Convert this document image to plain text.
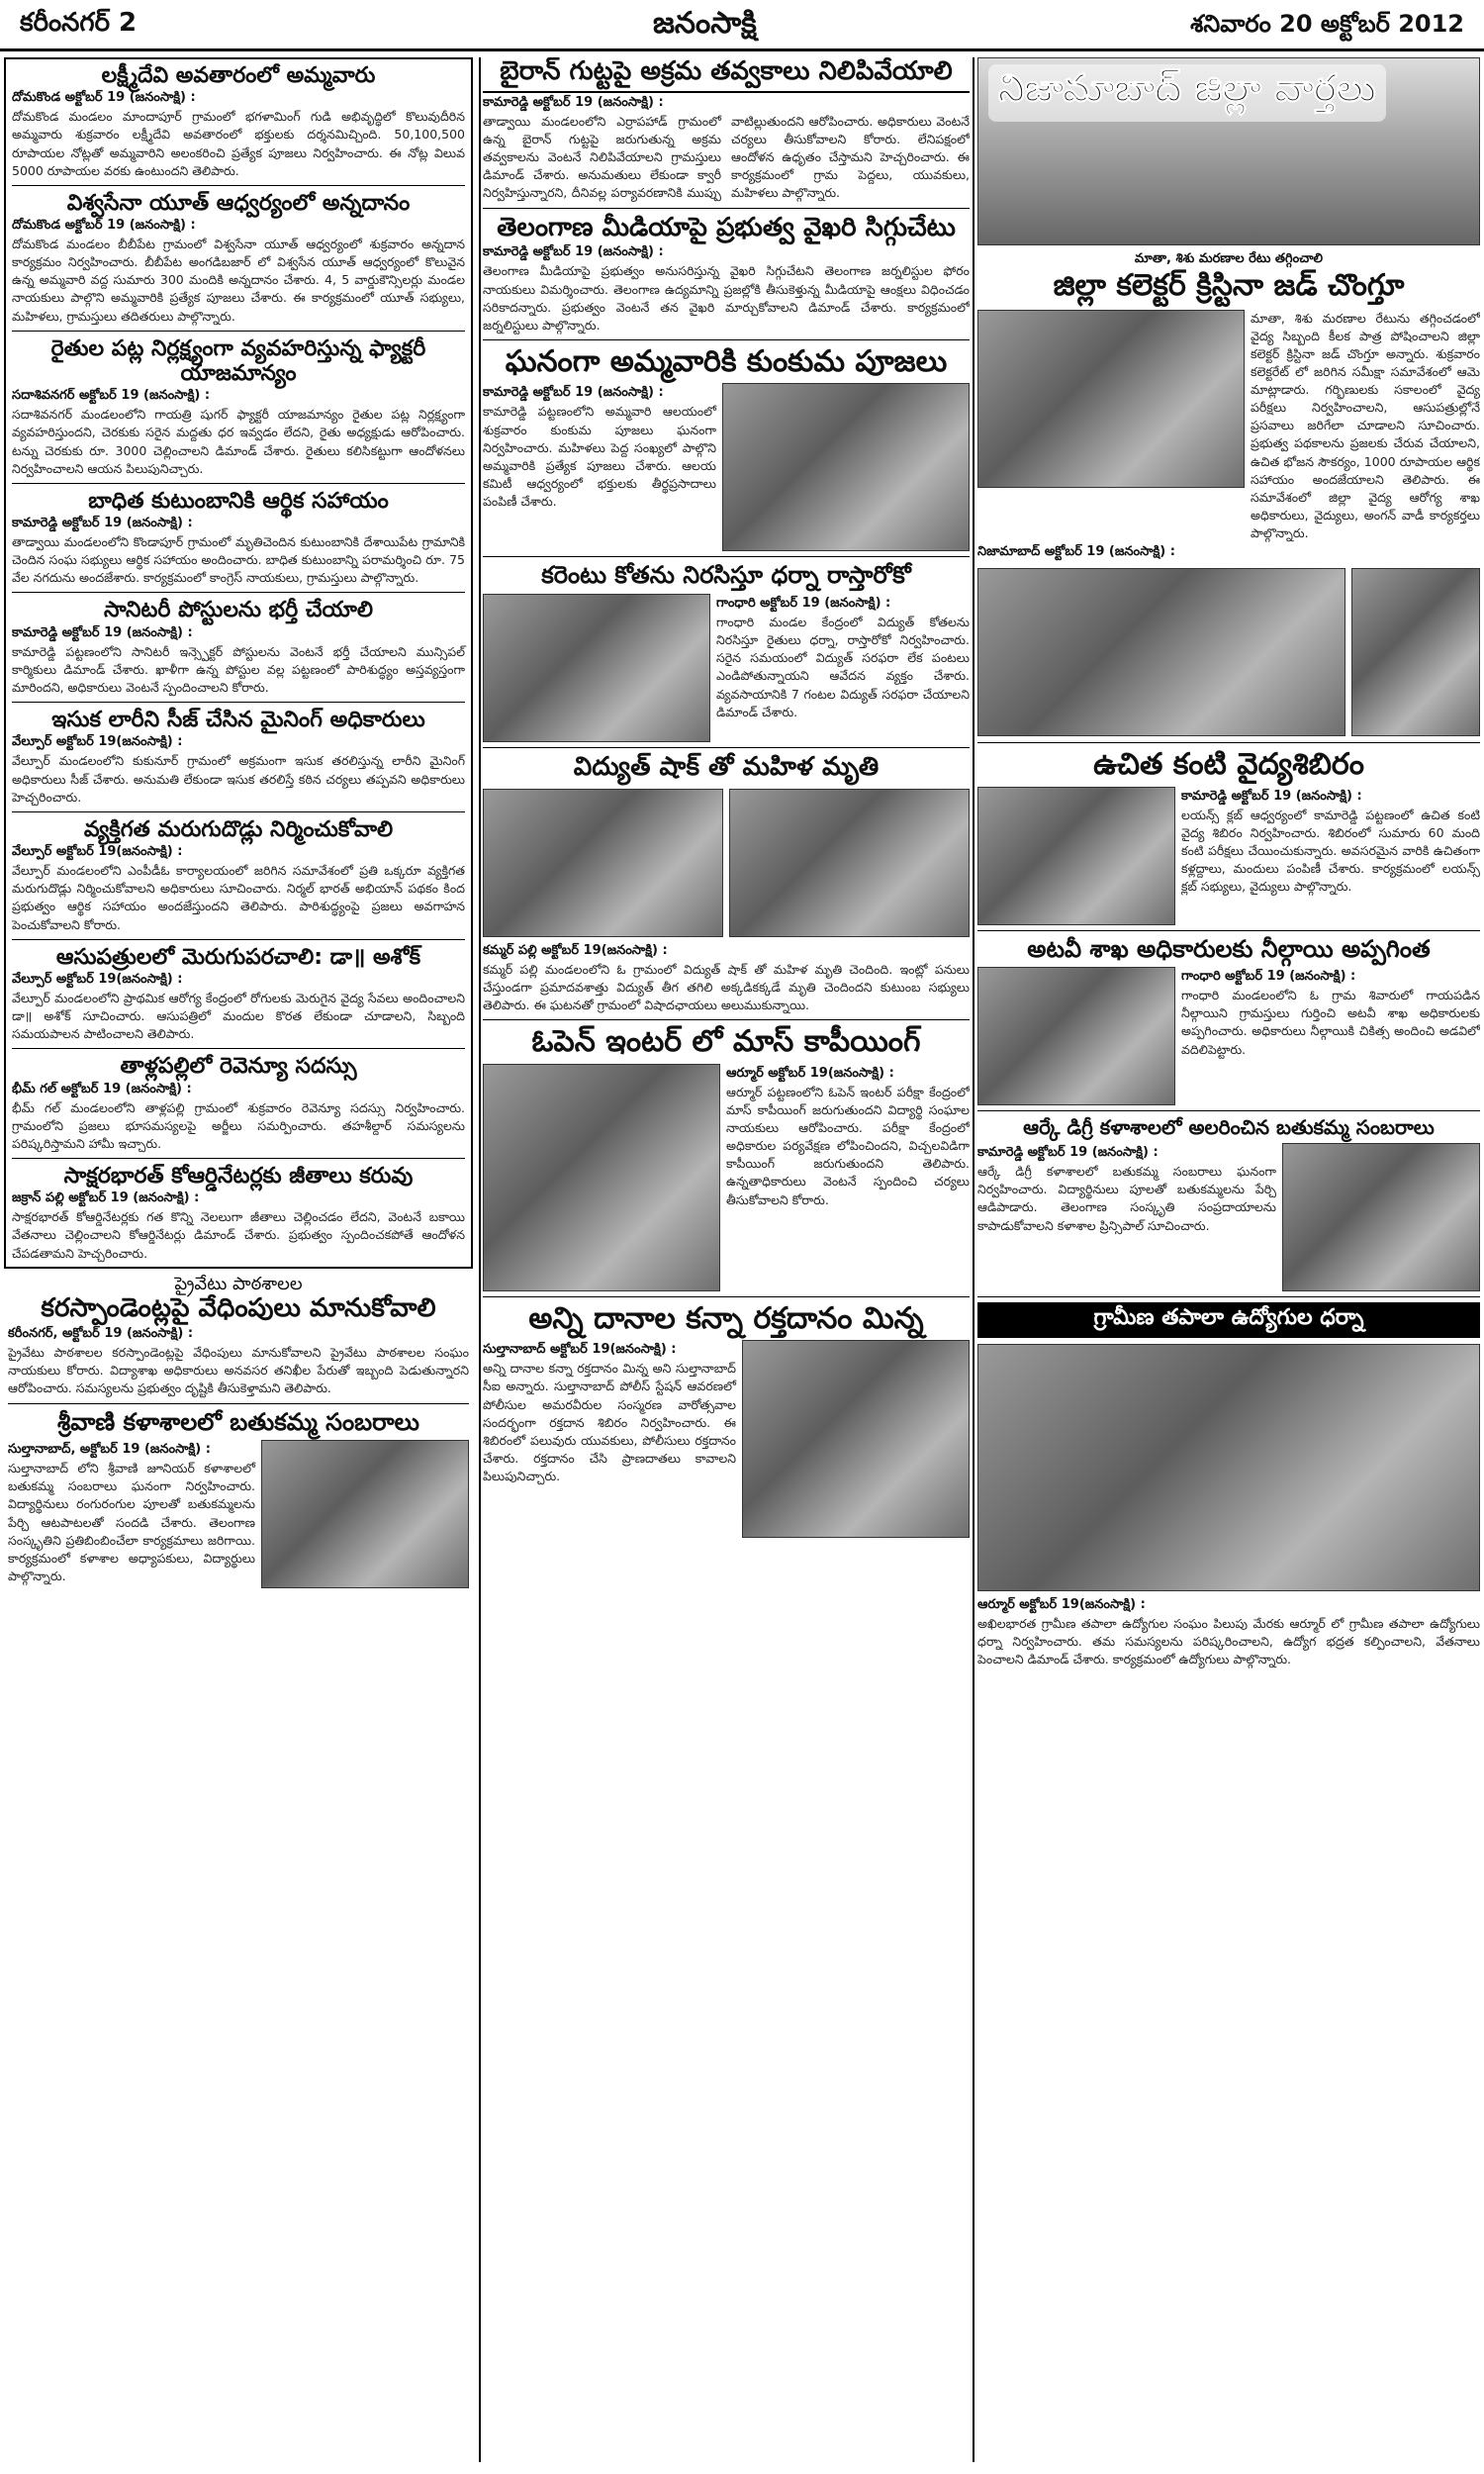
కరీంనగర్ 2	జనంసాక్షి	శనివారం 20 అక్టోబర్ 2012
లక్ష్మీదేవి అవతారంలో అమ్మవారు
దోమకొండ అక్టోబర్ 19 (జనంసాక్షి) :
దోమకొండ మండలం మాందాపూర్ గ్రామంలో భగళామింగ్ గుడి అభివృద్ధిలో కొలువుదీరిన అమ్మవారు శుక్రవారం లక్ష్మీదేవి అవతారంలో భక్తులకు దర్శనమిచ్చింది. 50,100,500 రూపాయల నోట్లతో అమ్మవారిని అలంకరించి ప్రత్యేక పూజలు నిర్వహించారు. ఈ నోట్ల విలువ 5000 రూపాయల వరకు ఉంటుందని తెలిపారు.
విశ్వసేనా యూత్ ఆధ్వర్యంలో అన్నదానం
దోమకొండ అక్టోబర్ 19 (జనంసాక్షి) :
దోమకొండ మండలం బీబీపేట గ్రామంలో విశ్వసేనా యూత్ ఆధ్వర్యంలో శుక్రవారం అన్నదాన కార్యక్రమం నిర్వహించారు. బీబీపేట అంగడిబజార్ లో విశ్వసేన యూత్ ఆధ్వర్యంలో కొలువైన ఉన్న అమ్మవారి వద్ద సుమారు 300 మందికి అన్నదానం చేశారు. 4, 5 వార్డుకౌన్సిలర్లు మండల నాయకులు పాల్గొని అమ్మవారికి ప్రత్యేక పూజలు చేశారు. ఈ కార్యక్రమంలో యూత్ సభ్యులు, మహిళలు, గ్రామస్తులు తదితరులు పాల్గొన్నారు.
రైతుల పట్ల నిర్లక్ష్యంగా వ్యవహరిస్తున్న ఫ్యాక్టరీ యాజమాన్యం
సదాశివనగర్ అక్టోబర్ 19 (జనంసాక్షి) :
సదాశివనగర్ మండలంలోని గాయత్రి షుగర్ ఫ్యాక్టరీ యాజమాన్యం రైతుల పట్ల నిర్లక్ష్యంగా వ్యవహరిస్తుందని, చెరకుకు సరైన మద్దతు ధర ఇవ్వడం లేదని, రైతు అధ్యక్షుడు ఆరోపించారు. టన్ను చెరకుకు రూ. 3000 చెల్లించాలని డిమాండ్ చేశారు. రైతులు కలిసికట్టుగా ఆందోళనలు నిర్వహించాలని ఆయన పిలుపునిచ్చారు.
బాధిత కుటుంబానికి ఆర్థిక సహాయం
కామారెడ్డి అక్టోబర్ 19 (జనంసాక్షి) :
తాడ్వాయి మండలంలోని కొండాపూర్ గ్రామంలో మృతిచెందిన కుటుంబానికి దేశాయిపేట గ్రామానికి చెందిన సంఘ సభ్యులు ఆర్థిక సహాయం అందించారు. బాధిత కుటుంబాన్ని పరామర్శించి రూ. 75 వేల నగదును అందజేశారు. కార్యక్రమంలో కాంగ్రెస్ నాయకులు, గ్రామస్తులు పాల్గొన్నారు.
సానిటరీ పోస్టులను భర్తీ చేయాలి
కామారెడ్డి అక్టోబర్ 19 (జనంసాక్షి) :
కామారెడ్డి పట్టణంలోని సానిటరీ ఇన్స్పెక్టర్ పోస్టులను వెంటనే భర్తీ చేయాలని మున్సిపల్ కార్మికులు డిమాండ్ చేశారు. ఖాళీగా ఉన్న పోస్టుల వల్ల పట్టణంలో పారిశుద్ధ్యం అస్తవ్యస్తంగా మారిందని, అధికారులు వెంటనే స్పందించాలని కోరారు.
ఇసుక లారీని సీజ్ చేసిన మైనింగ్ అధికారులు
వేల్పూర్ అక్టోబర్ 19(జనంసాక్షి) :
వేల్పూర్ మండలంలోని కుకునూర్ గ్రామంలో అక్రమంగా ఇసుక తరలిస్తున్న లారీని మైనింగ్ అధికారులు సీజ్ చేశారు. అనుమతి లేకుండా ఇసుక తరలిస్తే కఠిన చర్యలు తప్పవని అధికారులు హెచ్చరించారు.
వ్యక్తిగత మరుగుదొడ్లు నిర్మించుకోవాలి
వేల్పూర్ అక్టోబర్ 19(జనంసాక్షి) :
వేల్పూర్ మండలంలోని ఎంపీడీఓ కార్యాలయంలో జరిగిన సమావేశంలో ప్రతి ఒక్కరూ వ్యక్తిగత మరుగుదొడ్లు నిర్మించుకోవాలని అధికారులు సూచించారు. నిర్మల్ భారత్ అభియాన్ పథకం కింద ప్రభుత్వం ఆర్థిక సహాయం అందజేస్తుందని తెలిపారు. పారిశుద్ధ్యంపై ప్రజలు అవగాహన పెంచుకోవాలని కోరారు.
ఆసుపత్రులలో మెరుగుపరచాలి: డా॥ అశోక్
వేల్పూర్ అక్టోబర్ 19(జనంసాక్షి) :
వేల్పూర్ మండలంలోని ప్రాథమిక ఆరోగ్య కేంద్రంలో రోగులకు మెరుగైన వైద్య సేవలు అందించాలని డా॥ అశోక్ సూచించారు. ఆసుపత్రిలో మందుల కొరత లేకుండా చూడాలని, సిబ్బంది సమయపాలన పాటించాలని తెలిపారు.
తాళ్లపల్లిలో రెవెన్యూ సదస్సు
భీమ్ గల్ అక్టోబర్ 19 (జనంసాక్షి) :
భీమ్ గల్ మండలంలోని తాళ్లపల్లి గ్రామంలో శుక్రవారం రెవెన్యూ సదస్సు నిర్వహించారు. గ్రామంలోని ప్రజలు భూసమస్యలపై అర్జీలు సమర్పించారు. తహశీల్దార్ సమస్యలను పరిష్కరిస్తామని హామీ ఇచ్చారు.
సాక్షరభారత్ కోఆర్డినేటర్లకు జీతాలు కరువు
జక్రాన్ పల్లి అక్టోబర్ 19 (జనంసాక్షి) :
సాక్షరభారత్ కోఆర్డినేటర్లకు గత కొన్ని నెలలుగా జీతాలు చెల్లించడం లేదని, వెంటనే బకాయి వేతనాలు చెల్లించాలని కోఆర్డినేటర్లు డిమాండ్ చేశారు. ప్రభుత్వం స్పందించకపోతే ఆందోళన చేపడతామని హెచ్చరించారు.
ప్రైవేటు పాఠశాలల
కరస్పాండెంట్లపై వేధింపులు మానుకోవాలి
కరీంనగర్, అక్టోబర్ 19 (జనంసాక్షి) :
ప్రైవేటు పాఠశాలల కరస్పాండెంట్లపై వేధింపులు మానుకోవాలని ప్రైవేటు పాఠశాలల సంఘం నాయకులు కోరారు. విద్యాశాఖ అధికారులు అనవసర తనిఖీల పేరుతో ఇబ్బంది పెడుతున్నారని ఆరోపించారు. సమస్యలను ప్రభుత్వం దృష్టికి తీసుకెళ్తామని తెలిపారు.
శ్రీవాణి కళాశాలలో బతుకమ్మ సంబరాలు
సుల్తానాబాద్, అక్టోబర్ 19 (జనంసాక్షి) :
సుల్తానాబాద్ లోని శ్రీవాణి జూనియర్ కళాశాలలో బతుకమ్మ సంబరాలు ఘనంగా నిర్వహించారు. విద్యార్థినులు రంగురంగుల పూలతో బతుకమ్మలను పేర్చి ఆటపాటలతో సందడి చేశారు. తెలంగాణ సంస్కృతిని ప్రతిబింబించేలా కార్యక్రమాలు జరిగాయి. కార్యక్రమంలో కళాశాల అధ్యాపకులు, విద్యార్థులు పాల్గొన్నారు.
బైరాన్ గుట్టపై అక్రమ తవ్వకాలు నిలిపివేయాలి
కామారెడ్డి అక్టోబర్ 19 (జనంసాక్షి) :
తాడ్వాయి మండలంలోని ఎర్రాపహాడ్ గ్రామంలో ఉన్న బైరాన్ గుట్టపై జరుగుతున్న అక్రమ తవ్వకాలను వెంటనే నిలిపివేయాలని గ్రామస్తులు డిమాండ్ చేశారు. అనుమతులు లేకుండా క్వారీ నిర్వహిస్తున్నారని, దీనివల్ల పర్యావరణానికి ముప్పు వాటిల్లుతుందని ఆరోపించారు. అధికారులు వెంటనే చర్యలు తీసుకోవాలని కోరారు. లేనిపక్షంలో ఆందోళన ఉధృతం చేస్తామని హెచ్చరించారు. ఈ కార్యక్రమంలో గ్రామ పెద్దలు, యువకులు, మహిళలు పాల్గొన్నారు.
తెలంగాణ మీడియాపై ప్రభుత్వ వైఖరి సిగ్గుచేటు
కామారెడ్డి అక్టోబర్ 19 (జనంసాక్షి) :
తెలంగాణ మీడియాపై ప్రభుత్వం అనుసరిస్తున్న వైఖరి సిగ్గుచేటని తెలంగాణ జర్నలిస్టుల ఫోరం నాయకులు విమర్శించారు. తెలంగాణ ఉద్యమాన్ని ప్రజల్లోకి తీసుకెళ్తున్న మీడియాపై ఆంక్షలు విధించడం సరికాదన్నారు. ప్రభుత్వం వెంటనే తన వైఖరి మార్చుకోవాలని డిమాండ్ చేశారు. కార్యక్రమంలో జర్నలిస్టులు పాల్గొన్నారు.
ఘనంగా అమ్మవారికి కుంకుమ పూజలు
కామారెడ్డి అక్టోబర్ 19 (జనంసాక్షి) :
కామారెడ్డి పట్టణంలోని అమ్మవారి ఆలయంలో శుక్రవారం కుంకుమ పూజలు ఘనంగా నిర్వహించారు. మహిళలు పెద్ద సంఖ్యలో పాల్గొని అమ్మవారికి ప్రత్యేక పూజలు చేశారు. ఆలయ కమిటీ ఆధ్వర్యంలో భక్తులకు తీర్థప్రసాదాలు పంపిణీ చేశారు.
కరెంటు కోతను నిరసిస్తూ ధర్నా రాస్తారోకో
గాంధారి అక్టోబర్ 19 (జనంసాక్షి) :
గాంధారి మండల కేంద్రంలో విద్యుత్ కోతలను నిరసిస్తూ రైతులు ధర్నా, రాస్తారోకో నిర్వహించారు. సరైన సమయంలో విద్యుత్ సరఫరా లేక పంటలు ఎండిపోతున్నాయని ఆవేదన వ్యక్తం చేశారు. వ్యవసాయానికి 7 గంటల విద్యుత్ సరఫరా చేయాలని డిమాండ్ చేశారు.
విద్యుత్ షాక్ తో మహిళ మృతి
కమ్మర్ పల్లి అక్టోబర్ 19(జనంసాక్షి) :
కమ్మర్ పల్లి మండలంలోని ఓ గ్రామంలో విద్యుత్ షాక్ తో మహిళ మృతి చెందింది. ఇంట్లో పనులు చేస్తుండగా ప్రమాదవశాత్తు విద్యుత్ తీగ తగిలి అక్కడికక్కడే మృతి చెందిందని కుటుంబ సభ్యులు తెలిపారు. ఈ ఘటనతో గ్రామంలో విషాదఛాయలు అలుముకున్నాయి.
ఓపెన్ ఇంటర్ లో మాస్ కాపీయింగ్
ఆర్మూర్ అక్టోబర్ 19(జనంసాక్షి) :
ఆర్మూర్ పట్టణంలోని ఓపెన్ ఇంటర్ పరీక్షా కేంద్రంలో మాస్ కాపీయింగ్ జరుగుతుందని విద్యార్థి సంఘాల నాయకులు ఆరోపించారు. పరీక్షా కేంద్రంలో అధికారుల పర్యవేక్షణ లోపించిందని, విచ్చలవిడిగా కాపీయింగ్ జరుగుతుందని తెలిపారు. ఉన్నతాధికారులు వెంటనే స్పందించి చర్యలు తీసుకోవాలని కోరారు.
అన్ని దానాల కన్నా రక్తదానం మిన్న
సుల్తానాబాద్ అక్టోబర్ 19(జనంసాక్షి) :
అన్ని దానాల కన్నా రక్తదానం మిన్న అని సుల్తానాబాద్ సీఐ అన్నారు. సుల్తానాబాద్ పోలీస్ స్టేషన్ ఆవరణలో పోలీసుల అమరవీరుల సంస్మరణ వారోత్సవాల సందర్భంగా రక్తదాన శిబిరం నిర్వహించారు. ఈ శిబిరంలో పలువురు యువకులు, పోలీసులు రక్తదానం చేశారు. రక్తదానం చేసి ప్రాణదాతలు కావాలని పిలుపునిచ్చారు.
నిజామాబాద్ జిల్లా వార్తలు
మాతా, శిశు మరణాల రేటు తగ్గించాలి
జిల్లా కలెక్టర్ క్రిస్టినా జడ్ చొంగ్తూ
మాతా, శిశు మరణాల రేటును తగ్గించడంలో వైద్య సిబ్బంది కీలక పాత్ర పోషించాలని జిల్లా కలెక్టర్ క్రిస్టినా జడ్ చొంగ్తూ అన్నారు. శుక్రవారం కలెక్టరేట్ లో జరిగిన సమీక్షా సమావేశంలో ఆమె మాట్లాడారు. గర్భిణులకు సకాలంలో వైద్య పరీక్షలు నిర్వహించాలని, ఆసుపత్రుల్లోనే ప్రసవాలు జరిగేలా చూడాలని సూచించారు. ప్రభుత్వ పథకాలను ప్రజలకు చేరువ చేయాలని, ఉచిత భోజన సౌకర్యం, 1000 రూపాయల ఆర్థిక సహాయం అందజేయాలని తెలిపారు. ఈ సమావేశంలో జిల్లా వైద్య ఆరోగ్య శాఖ అధికారులు, వైద్యులు, అంగన్ వాడీ కార్యకర్తలు పాల్గొన్నారు.
నిజామాబాద్ అక్టోబర్ 19 (జనంసాక్షి) :
ఉచిత కంటి వైద్యశిబిరం
కామారెడ్డి అక్టోబర్ 19 (జనంసాక్షి) :
లయన్స్ క్లబ్ ఆధ్వర్యంలో కామారెడ్డి పట్టణంలో ఉచిత కంటి వైద్య శిబిరం నిర్వహించారు. శిబిరంలో సుమారు 60 మంది కంటి పరీక్షలు చేయించుకున్నారు. అవసరమైన వారికి ఉచితంగా కళ్లద్దాలు, మందులు పంపిణీ చేశారు. కార్యక్రమంలో లయన్స్ క్లబ్ సభ్యులు, వైద్యులు పాల్గొన్నారు.
అటవీ శాఖ అధికారులకు నీల్గాయి అప్పగింత
గాంధారి అక్టోబర్ 19 (జనంసాక్షి) :
గాంధారి మండలంలోని ఓ గ్రామ శివారులో గాయపడిన నీల్గాయిని గ్రామస్తులు గుర్తించి అటవీ శాఖ అధికారులకు అప్పగించారు. అధికారులు నీల్గాయికి చికిత్స అందించి అడవిలో వదిలిపెట్టారు.
ఆర్కే డిగ్రీ కళాశాలలో అలరించిన బతుకమ్మ సంబరాలు
కామారెడ్డి అక్టోబర్ 19 (జనంసాక్షి) :
ఆర్కే డిగ్రీ కళాశాలలో బతుకమ్మ సంబరాలు ఘనంగా నిర్వహించారు. విద్యార్థినులు పూలతో బతుకమ్మలను పేర్చి ఆడిపాడారు. తెలంగాణ సంస్కృతి సంప్రదాయాలను కాపాడుకోవాలని కళాశాల ప్రిన్సిపాల్ సూచించారు.
గ్రామీణ తపాలా ఉద్యోగుల ధర్నా
ఆర్మూర్ అక్టోబర్ 19(జనంసాక్షి) :
అఖిలభారత గ్రామీణ తపాలా ఉద్యోగుల సంఘం పిలుపు మేరకు ఆర్మూర్ లో గ్రామీణ తపాలా ఉద్యోగులు ధర్నా నిర్వహించారు. తమ సమస్యలను పరిష్కరించాలని, ఉద్యోగ భద్రత కల్పించాలని, వేతనాలు పెంచాలని డిమాండ్ చేశారు. కార్యక్రమంలో ఉద్యోగులు పాల్గొన్నారు.
